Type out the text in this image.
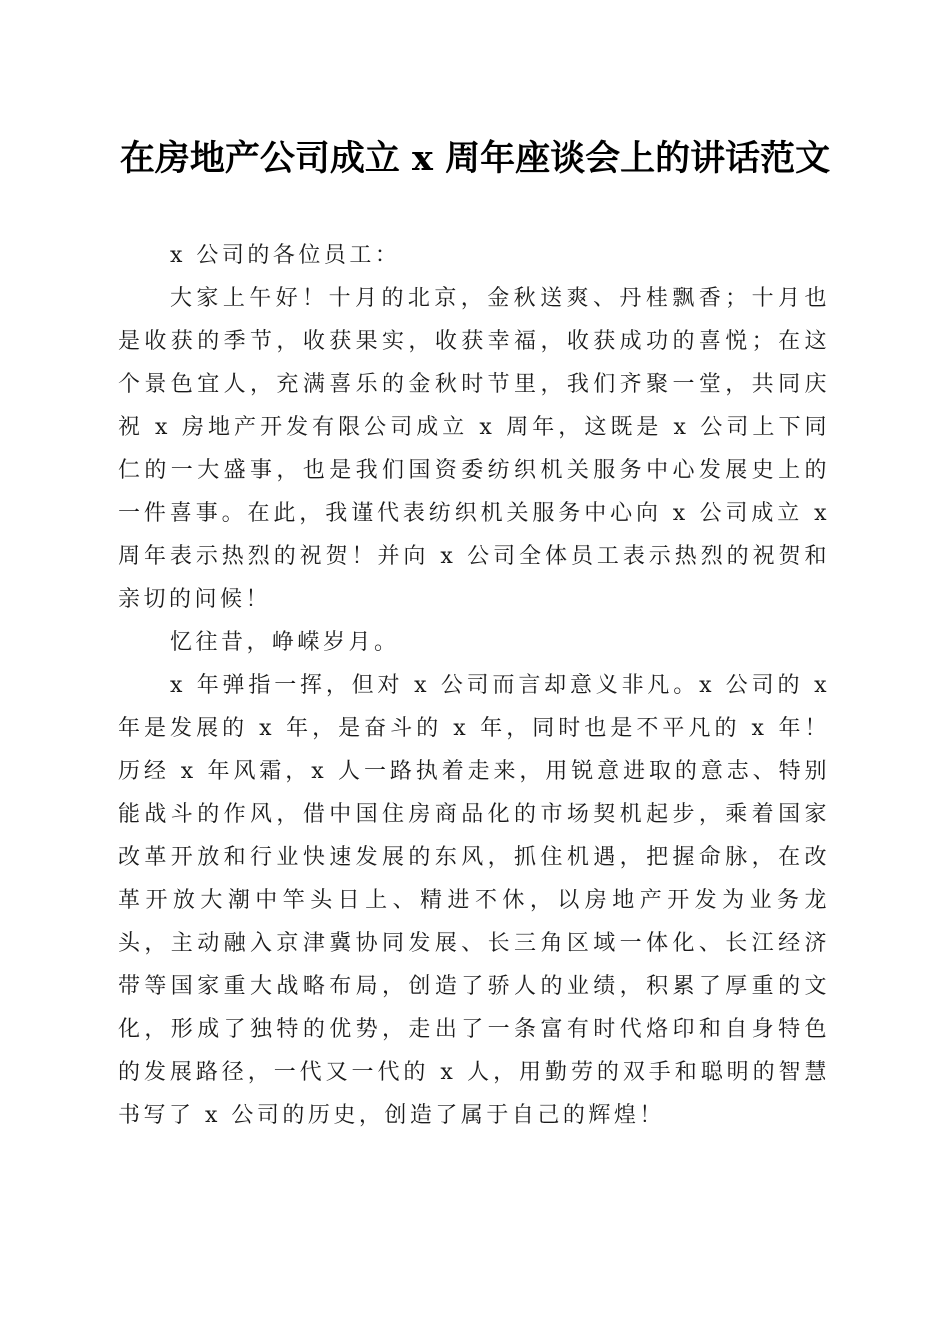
在房地产公司成立 x 周年座谈会上的讲话范文

x 公司的各位员工：

大家上午好！十月的北京，金秋送爽、丹桂飘香；十月也是收获的季节，收获果实，收获幸福，收获成功的喜悦；在这个景色宜人，充满喜乐的金秋时节里，我们齐聚一堂，共同庆祝 x 房地产开发有限公司成立 x 周年，这既是 x 公司上下同仁的一大盛事，也是我们国资委纺织机关服务中心发展史上的一件喜事。在此，我谨代表纺织机关服务中心向 x 公司成立 x 周年表示热烈的祝贺！并向 x 公司全体员工表示热烈的祝贺和亲切的问候！

忆往昔，峥嵘岁月。

x 年弹指一挥，但对 x 公司而言却意义非凡。x 公司的 x 年是发展的 x 年，是奋斗的 x 年，同时也是不平凡的 x 年！历经 x 年风霜，x 人一路执着走来，用锐意进取的意志、特别能战斗的作风，借中国住房商品化的市场契机起步，乘着国家改革开放和行业快速发展的东风，抓住机遇，把握命脉，在改革开放大潮中竿头日上、精进不休，以房地产开发为业务龙头，主动融入京津冀协同发展、长三角区域一体化、长江经济带等国家重大战略布局，创造了骄人的业绩，积累了厚重的文化，形成了独特的优势，走出了一条富有时代烙印和自身特色的发展路径，一代又一代的 x 人，用勤劳的双手和聪明的智慧书写了 x 公司的历史，创造了属于自己的辉煌！
